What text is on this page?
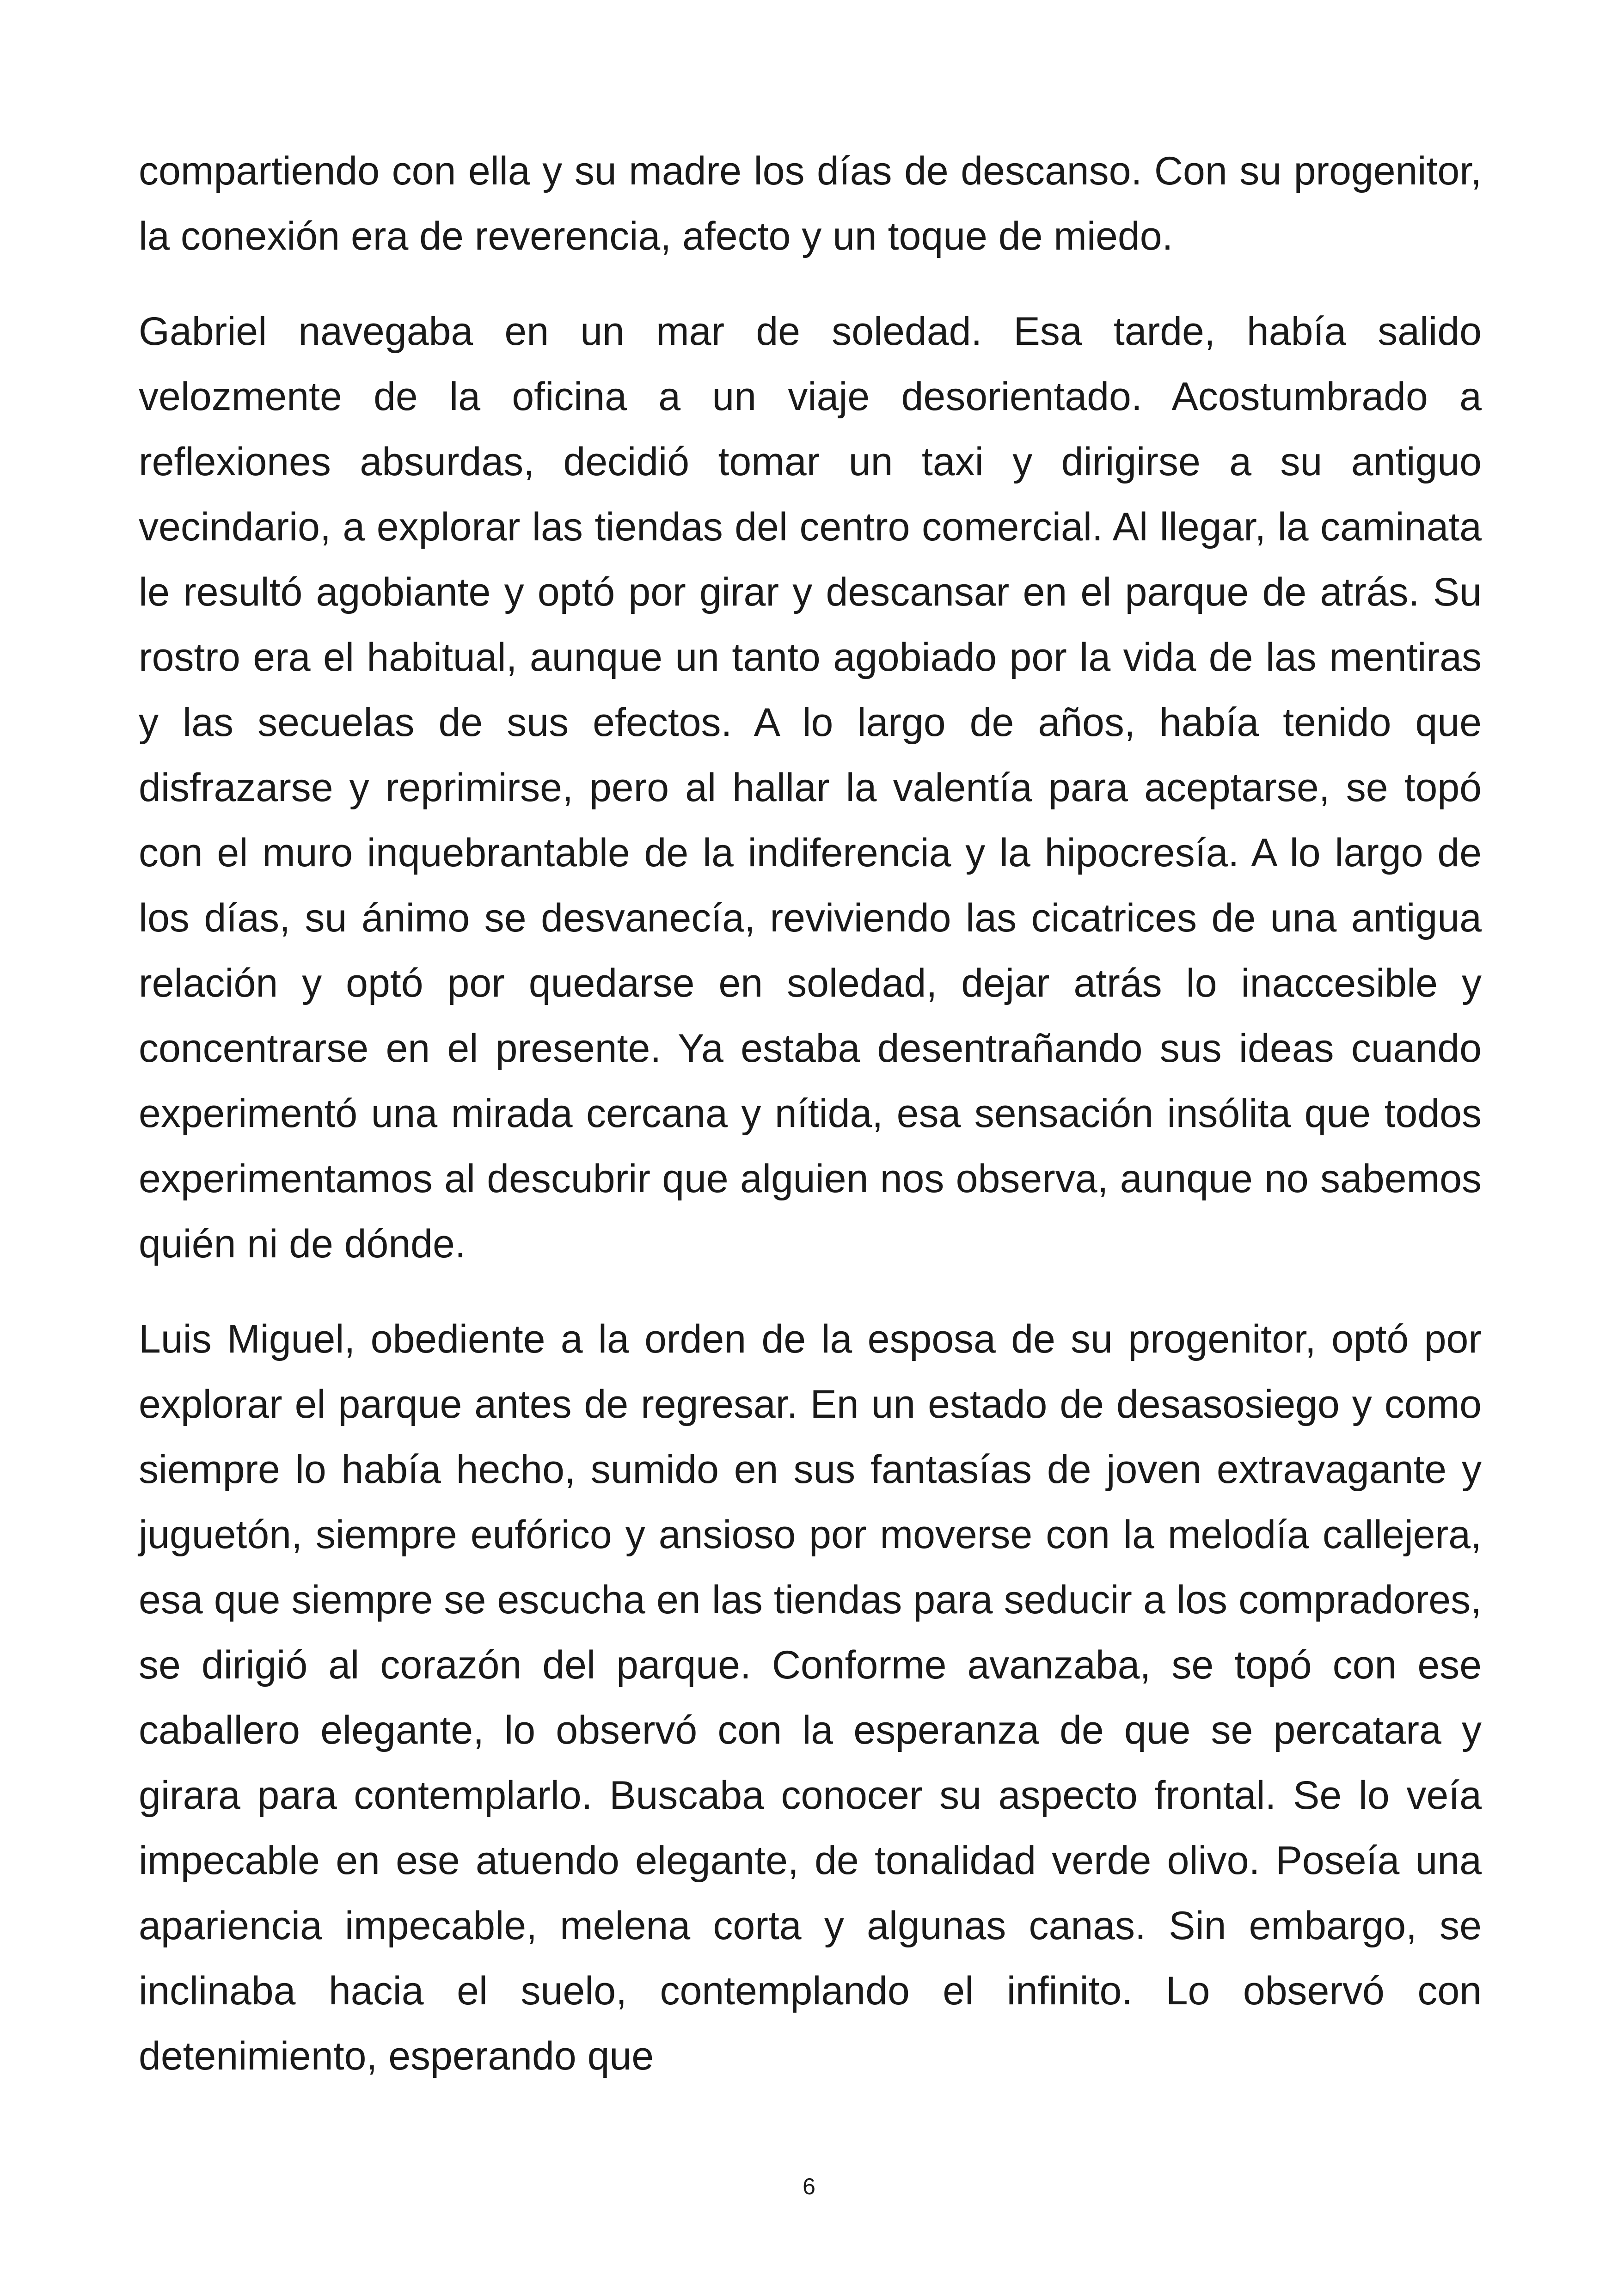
compartiendo con ella y su madre los días de descanso. Con su progenitor, la conexión era de reverencia, afecto y un toque de miedo.

Gabriel navegaba en un mar de soledad. Esa tarde, había salido velozmente de la oficina a un viaje desorientado. Acostumbrado a reflexiones absurdas, decidió tomar un taxi y dirigirse a su antiguo vecindario, a explorar las tiendas del centro comercial. Al llegar, la caminata le resultó agobiante y optó por girar y descansar en el parque de atrás. Su rostro era el habitual, aunque un tanto agobiado por la vida de las mentiras y las secuelas de sus efectos. A lo largo de años, había tenido que disfrazarse y reprimirse, pero al hallar la valentía para aceptarse, se topó con el muro inquebrantable de la indiferencia y la hipocresía. A lo largo de los días, su ánimo se desvanecía, reviviendo las cicatrices de una antigua relación y optó por quedarse en soledad, dejar atrás lo inaccesible y concentrarse en el presente. Ya estaba desentrañando sus ideas cuando experimentó una mirada cercana y nítida, esa sensación insólita que todos experimentamos al descubrir que alguien nos observa, aunque no sabemos quién ni de dónde.

Luis Miguel, obediente a la orden de la esposa de su progenitor, optó por explorar el parque antes de regresar. En un estado de desasosiego y como siempre lo había hecho, sumido en sus fantasías de joven extravagante y juguetón, siempre eufórico y ansioso por moverse con la melodía callejera, esa que siempre se escucha en las tiendas para seducir a los compradores, se dirigió al corazón del parque. Conforme avanzaba, se topó con ese caballero elegante, lo observó con la esperanza de que se percatara y girara para contemplarlo. Buscaba conocer su aspecto frontal. Se lo veía impecable en ese atuendo elegante, de tonalidad verde olivo. Poseía una apariencia impecable, melena corta y algunas canas. Sin embargo, se inclinaba hacia el suelo, contemplando el infinito. Lo observó con detenimiento, esperando que

6
